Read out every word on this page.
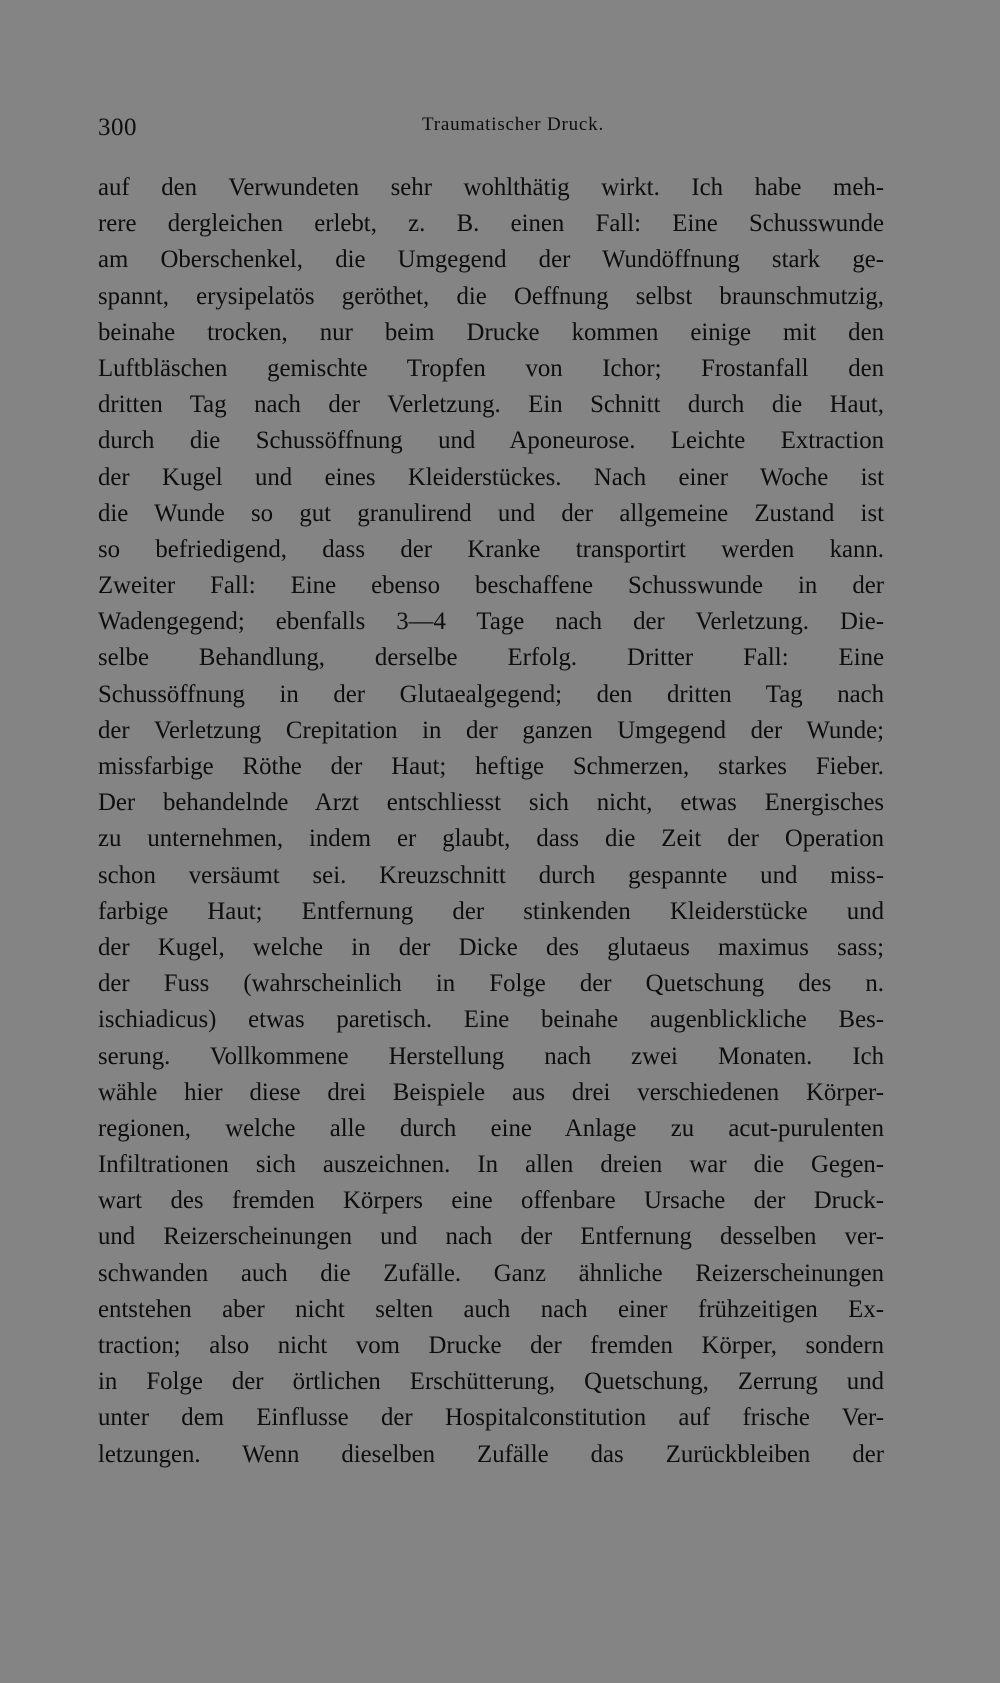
300	Traumatischer Druck.
auf den Verwundeten sehr wohlthätig wirkt. Ich habe meh-
rere dergleichen erlebt, z. B. einen Fall: Eine Schusswunde
am Oberschenkel, die Umgegend der Wundöffnung stark ge-
spannt, erysipelatös geröthet, die Oeffnung selbst braunschmutzig,
beinahe trocken, nur beim Drucke kommen einige mit den
Luftbläschen gemischte Tropfen von Ichor; Frostanfall den
dritten Tag nach der Verletzung. Ein Schnitt durch die Haut,
durch die Schussöffnung und Aponeurose. Leichte Extraction
der Kugel und eines Kleiderstückes. Nach einer Woche ist
die Wunde so gut granulirend und der allgemeine Zustand ist
so befriedigend, dass der Kranke transportirt werden kann.
Zweiter Fall: Eine ebenso beschaffene Schusswunde in der
Wadengegend; ebenfalls 3—4 Tage nach der Verletzung. Die-
selbe Behandlung, derselbe Erfolg. Dritter Fall: Eine
Schussöffnung in der Glutaealgegend; den dritten Tag nach
der Verletzung Crepitation in der ganzen Umgegend der Wunde;
missfarbige Röthe der Haut; heftige Schmerzen, starkes Fieber.
Der behandelnde Arzt entschliesst sich nicht, etwas Energisches
zu unternehmen, indem er glaubt, dass die Zeit der Operation
schon versäumt sei. Kreuzschnitt durch gespannte und miss-
farbige Haut; Entfernung der stinkenden Kleiderstücke und
der Kugel, welche in der Dicke des glutaeus maximus sass;
der Fuss (wahrscheinlich in Folge der Quetschung des n.
ischiadicus) etwas paretisch. Eine beinahe augenblickliche Bes-
serung. Vollkommene Herstellung nach zwei Monaten. Ich
wähle hier diese drei Beispiele aus drei verschiedenen Körper-
regionen, welche alle durch eine Anlage zu acut-purulenten
Infiltrationen sich auszeichnen. In allen dreien war die Gegen-
wart des fremden Körpers eine offenbare Ursache der Druck-
und Reizerscheinungen und nach der Entfernung desselben ver-
schwanden auch die Zufälle. Ganz ähnliche Reizerscheinungen
entstehen aber nicht selten auch nach einer frühzeitigen Ex-
traction; also nicht vom Drucke der fremden Körper, sondern
in Folge der örtlichen Erschütterung, Quetschung, Zerrung und
unter dem Einflusse der Hospitalconstitution auf frische Ver-
letzungen. Wenn dieselben Zufälle das Zurückbleiben der
